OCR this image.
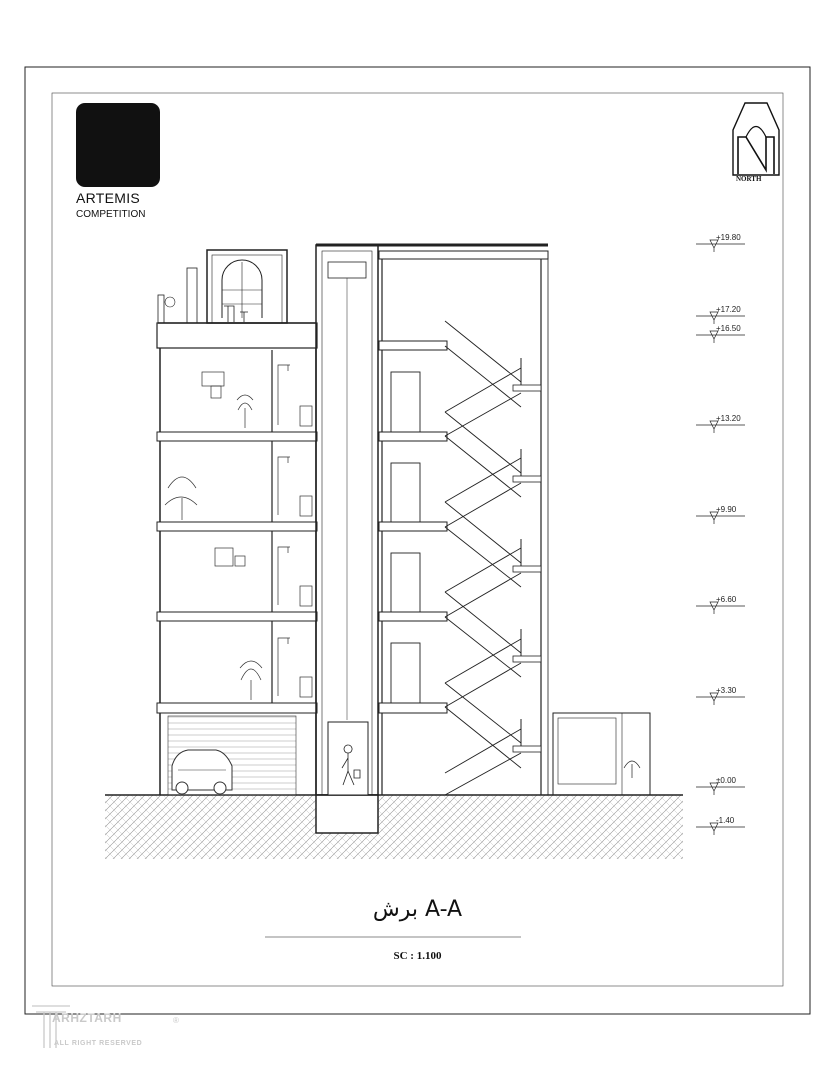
ARTEMIS
COMPETITION
NORTH
+19.80
+17.20
+16.50
+13.20
+9.90
+6.60
+3.30
±0.00
-1.40
برش A-A
SC : 1.100
ARHZTARH
ALL RIGHT RESERVED
®
